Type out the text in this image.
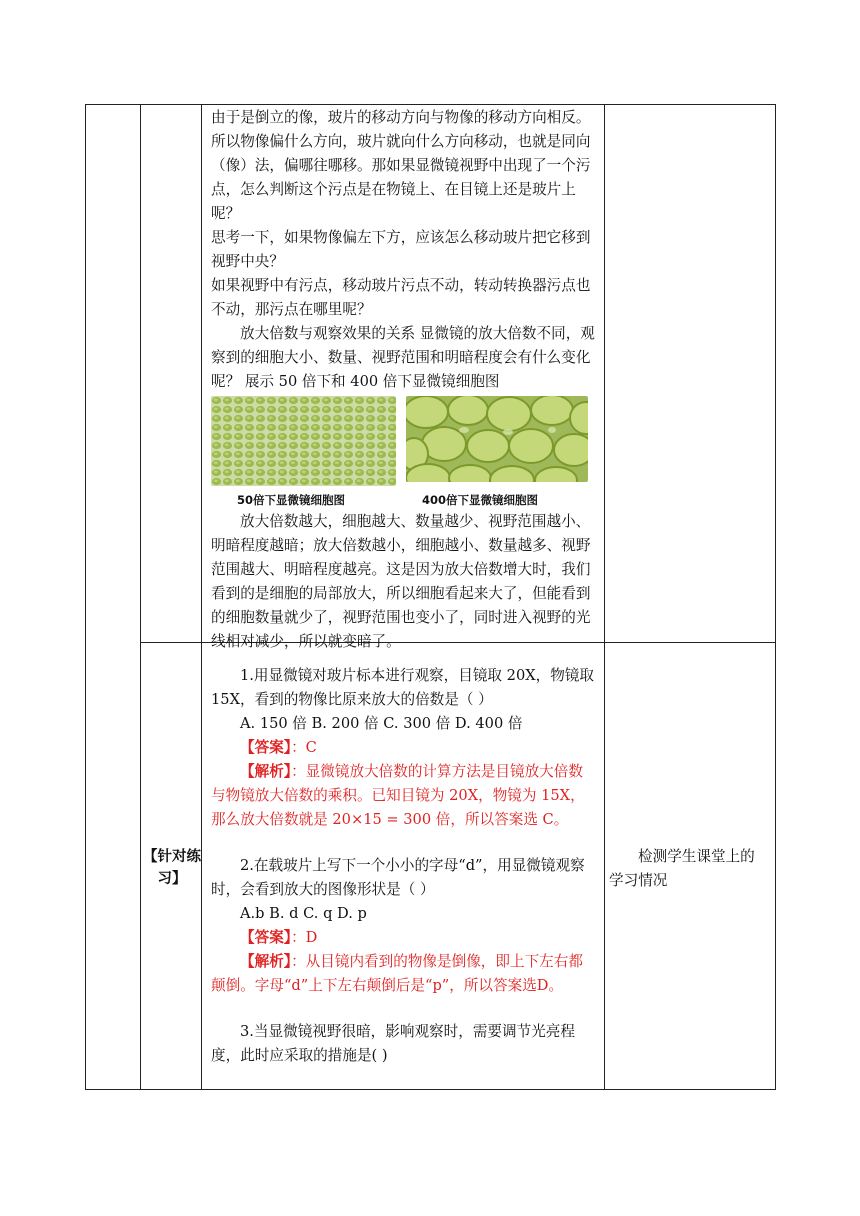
由于是倒立的像，玻片的移动方向与物像的移动方向相反。所以物像偏什么方向，玻片就向什么方向移动，也就是同向（像）法，偏哪往哪移。那如果显微镜视野中出现了一个污点，怎么判断这个污点是在物镜上、在目镜上还是玻片上呢？

思考一下，如果物像偏左下方，应该怎么移动玻片把它移到视野中央？

如果视野中有污点，移动玻片污点不动，转动转换器污点也不动，那污点在哪里呢？

放大倍数与观察效果的关系 显微镜的放大倍数不同，观察到的细胞大小、数量、视野范围和明暗程度会有什么变化呢？ 展示 50 倍下和 400 倍下显微镜细胞图

50倍下显微镜细胞图	400倍下显微镜细胞图

放大倍数越大，细胞越大、数量越少、视野范围越小、明暗程度越暗；放大倍数越小，细胞越小、数量越多、视野范围越大、明暗程度越亮。这是因为放大倍数增大时，我们看到的是细胞的局部放大，所以细胞看起来大了，但能看到的细胞数量就少了，视野范围也变小了，同时进入视野的光线相对减少，所以就变暗了。

【针对练习】

1.用显微镜对玻片标本进行观察，目镜取 20X，物镜取 15X，看到的物像比原来放大的倍数是（ ）

A. 150 倍 B. 200 倍 C. 300 倍 D. 400 倍

【答案】：C

【解析】：显微镜放大倍数的计算方法是目镜放大倍数与物镜放大倍数的乘积。已知目镜为 20X，物镜为 15X，那么放大倍数就是 20×15 = 300 倍，所以答案选 C。

2.在载玻片上写下一个小小的字母“d”，用显微镜观察时，会看到放大的图像形状是（ ）

A.b B. d C. q D. p

【答案】：D

【解析】：从目镜内看到的物像是倒像，即上下左右都颠倒。字母“d”上下左右颠倒后是“p”，所以答案选D。

3.当显微镜视野很暗，影响观察时，需要调节光亮程度，此时应采取的措施是( )

检测学生课堂上的学习情况
